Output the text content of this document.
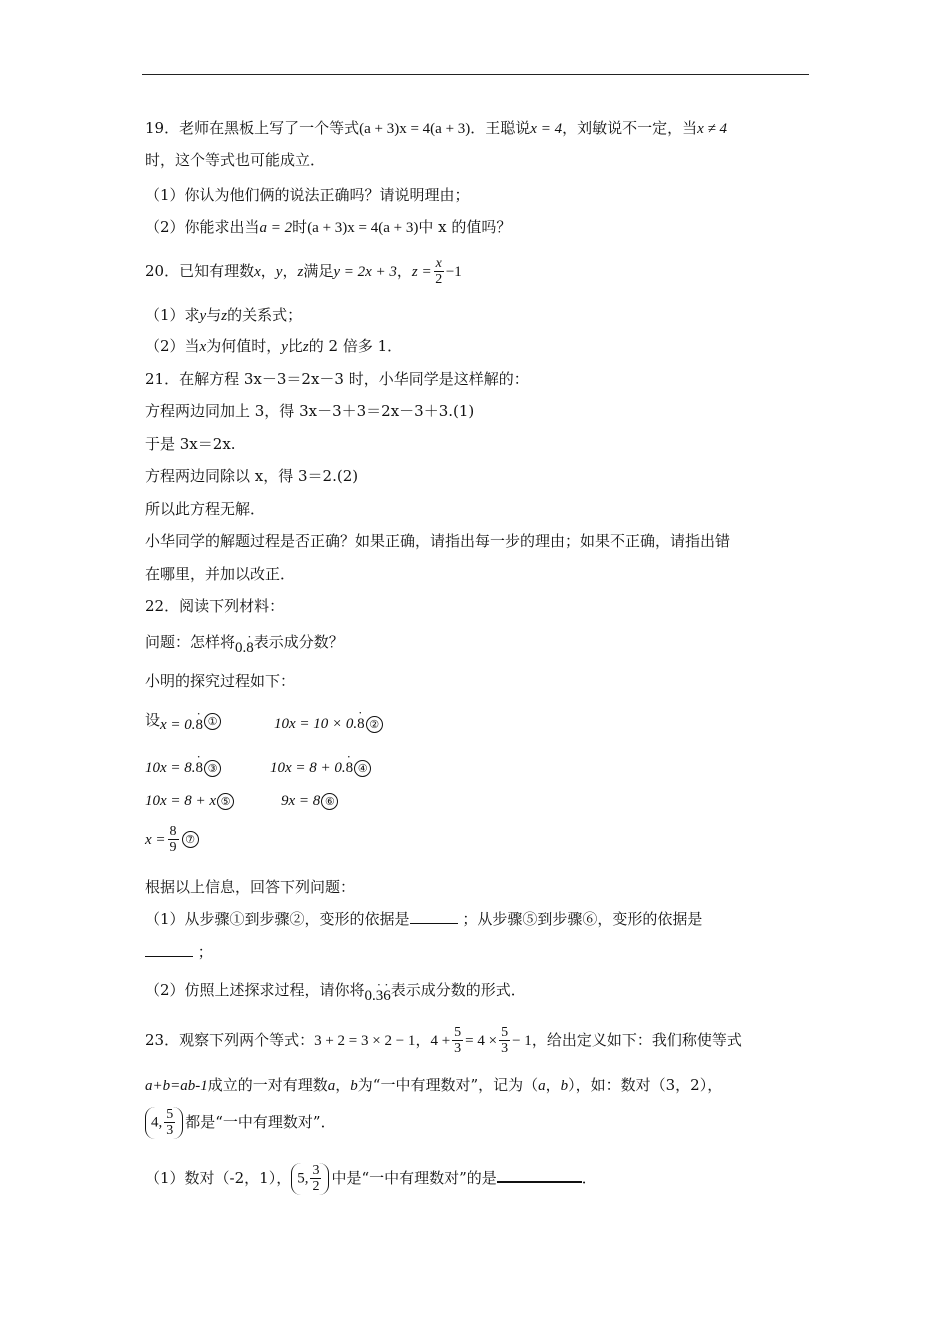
19．老师在黑板上写了一个等式(a + 3)x = 4(a + 3)．王聪说x = 4，刘敏说不一定，当x ≠ 4
时，这个等式也可能成立．
（1）你认为他们俩的说法正确吗？请说明理由；
（2）你能求出当a = 2时(a + 3)x = 4(a + 3)中 x 的值吗？
20．已知有理数x，y，z满足y = 2x + 3，$z = \frac{x}{2} -1$
（1）求y与z的关系式；
（2）当x为何值时，y比z的 2 倍多 1．
21．在解方程 3x－3＝2x－3 时，小华同学是这样解的：
方程两边同加上 3，得 3x－3＋3＝2x－3＋3.(1)
于是 3x＝2x.
方程两边同除以 x，得 3＝2.(2)
所以此方程无解．
小华同学的解题过程是否正确？如果正确，请指出每一步的理由；如果不正确，请指出错
在哪里，并加以改正．
22．阅读下列材料：
问题：怎样将0.· 8表示成分数？
小明的探究过程如下：
设x = 0.· 8 ①	10x = 10 × 0.· 8 ②
10x = 8.· 8 ③	10x = 8 + 0.· 8 ④
10x = 8 + x ⑤	9x = 8 ⑥
$x = \frac{8}{9}$ ⑦
根据以上信息，回答下列问题：
（1）从步骤①到步骤②，变形的依据是	；从步骤⑤到步骤⑥，变形的依据是
；
（2）仿照上述探求过程，请你将0.· 3· 6表示成分数的形式．
23．观察下列两个等式：3 + 2 = 3 × 2 − 1，$4 + \frac{5}{3} = 4 \times \frac{5}{3} - 1$，给出定义如下：我们称使等式
a+b=ab-1成立的一对有理数a，b为“一中有理数对”，记为（a，b），如：数对（3，2），
4, $\frac{5}{3}$ 都是“一中有理数对”．
（1）数对（-2，1）， 5, $\frac{3}{2}$ 中是“一中有理数对”的是	．
